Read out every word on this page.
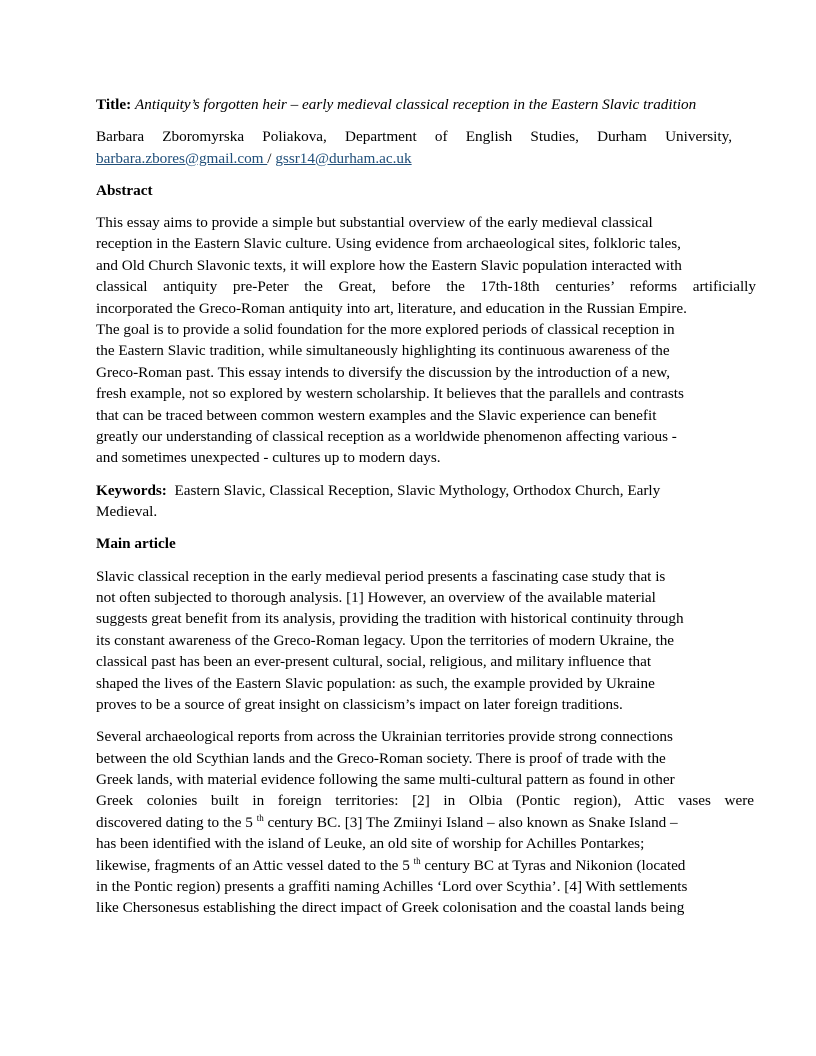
Title: Antiquity’s forgotten heir – early medieval classical reception in the Eastern Slavic tradition

Barbara Zboromyrska Poliakova, Department of English Studies, Durham University,
barbara.zbores@gmail.com / gssr14@durham.ac.uk

Abstract

This essay aims to provide a simple but substantial overview of the early medieval classical
reception in the Eastern Slavic culture. Using evidence from archaeological sites, folkloric tales,
and Old Church Slavonic texts, it will explore how the Eastern Slavic population interacted with
classical antiquity pre-Peter the Great, before the 17th-18th centuries’ reforms artificially
incorporated the Greco-Roman antiquity into art, literature, and education in the Russian Empire.
The goal is to provide a solid foundation for the more explored periods of classical reception in
the Eastern Slavic tradition, while simultaneously highlighting its continuous awareness of the
Greco-Roman past. This essay intends to diversify the discussion by the introduction of a new,
fresh example, not so explored by western scholarship. It believes that the parallels and contrasts
that can be traced between common western examples and the Slavic experience can benefit
greatly our understanding of classical reception as a worldwide phenomenon affecting various -
and sometimes unexpected - cultures up to modern days.

Keywords: Eastern Slavic, Classical Reception, Slavic Mythology, Orthodox Church, Early
Medieval.

Main article

Slavic classical reception in the early medieval period presents a fascinating case study that is
not often subjected to thorough analysis. [1] However, an overview of the available material
suggests great benefit from its analysis, providing the tradition with historical continuity through
its constant awareness of the Greco-Roman legacy. Upon the territories of modern Ukraine, the
classical past has been an ever-present cultural, social, religious, and military influence that
shaped the lives of the Eastern Slavic population: as such, the example provided by Ukraine
proves to be a source of great insight on classicism’s impact on later foreign traditions.

Several archaeological reports from across the Ukrainian territories provide strong connections
between the old Scythian lands and the Greco-Roman society. There is proof of trade with the
Greek lands, with material evidence following the same multi-cultural pattern as found in other
Greek colonies built in foreign territories: [2] in Olbia (Pontic region), Attic vases were
discovered dating to the 5 $^{th}$ century BC. [3] The Zmiinyi Island – also known as Snake Island –
has been identified with the island of Leuke, an old site of worship for Achilles Pontarkes;
likewise, fragments of an Attic vessel dated to the 5 $^{th}$ century BC at Tyras and Nikonion (located
in the Pontic region) presents a graffiti naming Achilles ‘Lord over Scythia’. [4] With settlements
like Chersonesus establishing the direct impact of Greek colonisation and the coastal lands being
